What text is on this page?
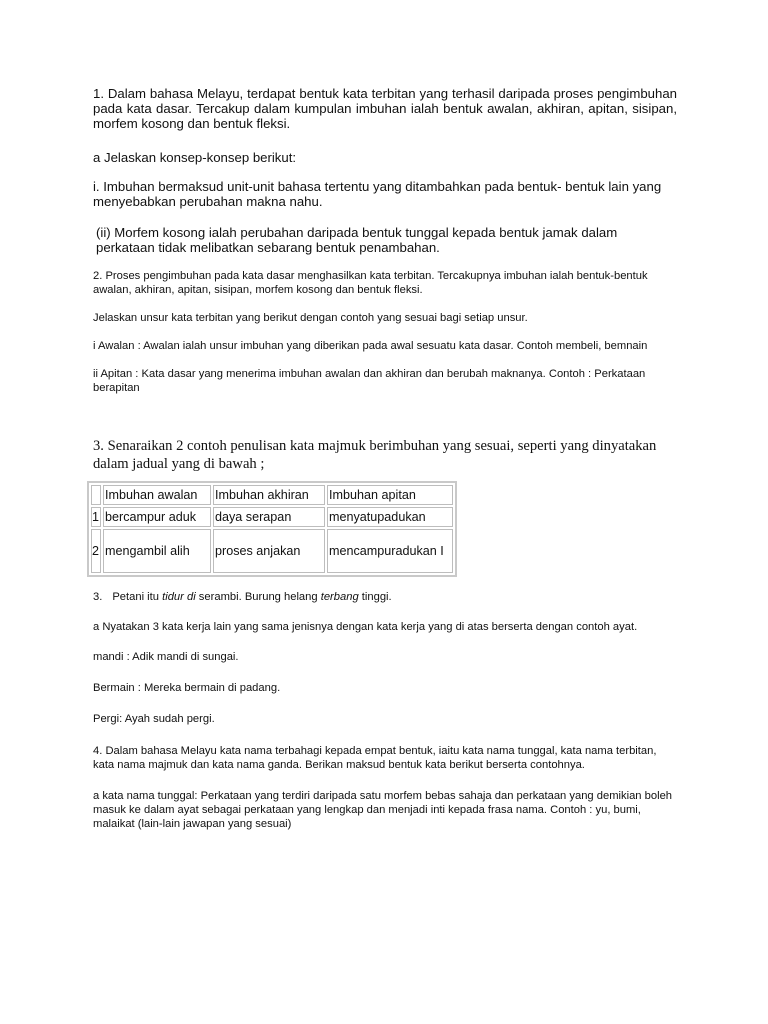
1. Dalam bahasa Melayu, terdapat bentuk kata terbitan yang terhasil daripada proses pengimbuhan pada kata dasar. Tercakup dalam kumpulan imbuhan ialah bentuk awalan, akhiran, apitan, sisipan, morfem kosong dan bentuk fleksi.

a Jelaskan konsep-konsep berikut:

i. Imbuhan bermaksud unit-unit bahasa tertentu yang ditambahkan pada bentuk- bentuk lain yang menyebabkan perubahan makna nahu.

(ii) Morfem kosong ialah perubahan daripada bentuk tunggal kepada bentuk jamak dalam perkataan tidak melibatkan sebarang bentuk penambahan.

2. Proses pengimbuhan pada kata dasar menghasilkan kata terbitan. Tercakupnya imbuhan ialah bentuk-bentuk awalan, akhiran, apitan, sisipan, morfem kosong dan bentuk fleksi.

Jelaskan unsur kata terbitan yang berikut dengan contoh yang sesuai bagi setiap unsur.

i Awalan : Awalan ialah unsur imbuhan yang diberikan pada awal sesuatu kata dasar. Contoh membeli, bemnain

ii Apitan : Kata dasar yang menerima imbuhan awalan dan akhiran dan berubah maknanya. Contoh : Perkataan berapitan

3. Senaraikan 2 contoh penulisan kata majmuk berimbuhan yang sesuai, seperti yang dinyatakan dalam jadual yang di bawah ;

	Imbuhan awalan	Imbuhan akhiran	Imbuhan apitan
1	bercampur aduk	daya serapan	menyatupadukan
2	mengambil alih	proses anjakan	mencampuradukan I

3. Petani itu tidur di serambi. Burung helang terbang tinggi.

a Nyatakan 3 kata kerja lain yang sama jenisnya dengan kata kerja yang di atas berserta dengan contoh ayat.

mandi : Adik mandi di sungai.

Bermain : Mereka bermain di padang.

Pergi: Ayah sudah pergi.

4. Dalam bahasa Melayu kata nama terbahagi kepada empat bentuk, iaitu kata nama tunggal, kata nama terbitan, kata nama majmuk dan kata nama ganda. Berikan maksud bentuk kata berikut berserta contohnya.

a kata nama tunggal: Perkataan yang terdiri daripada satu morfem bebas sahaja dan perkataan yang demikian boleh masuk ke dalam ayat sebagai perkataan yang lengkap dan menjadi inti kepada frasa nama. Contoh : yu, bumi, malaikat (lain-lain jawapan yang sesuai)
